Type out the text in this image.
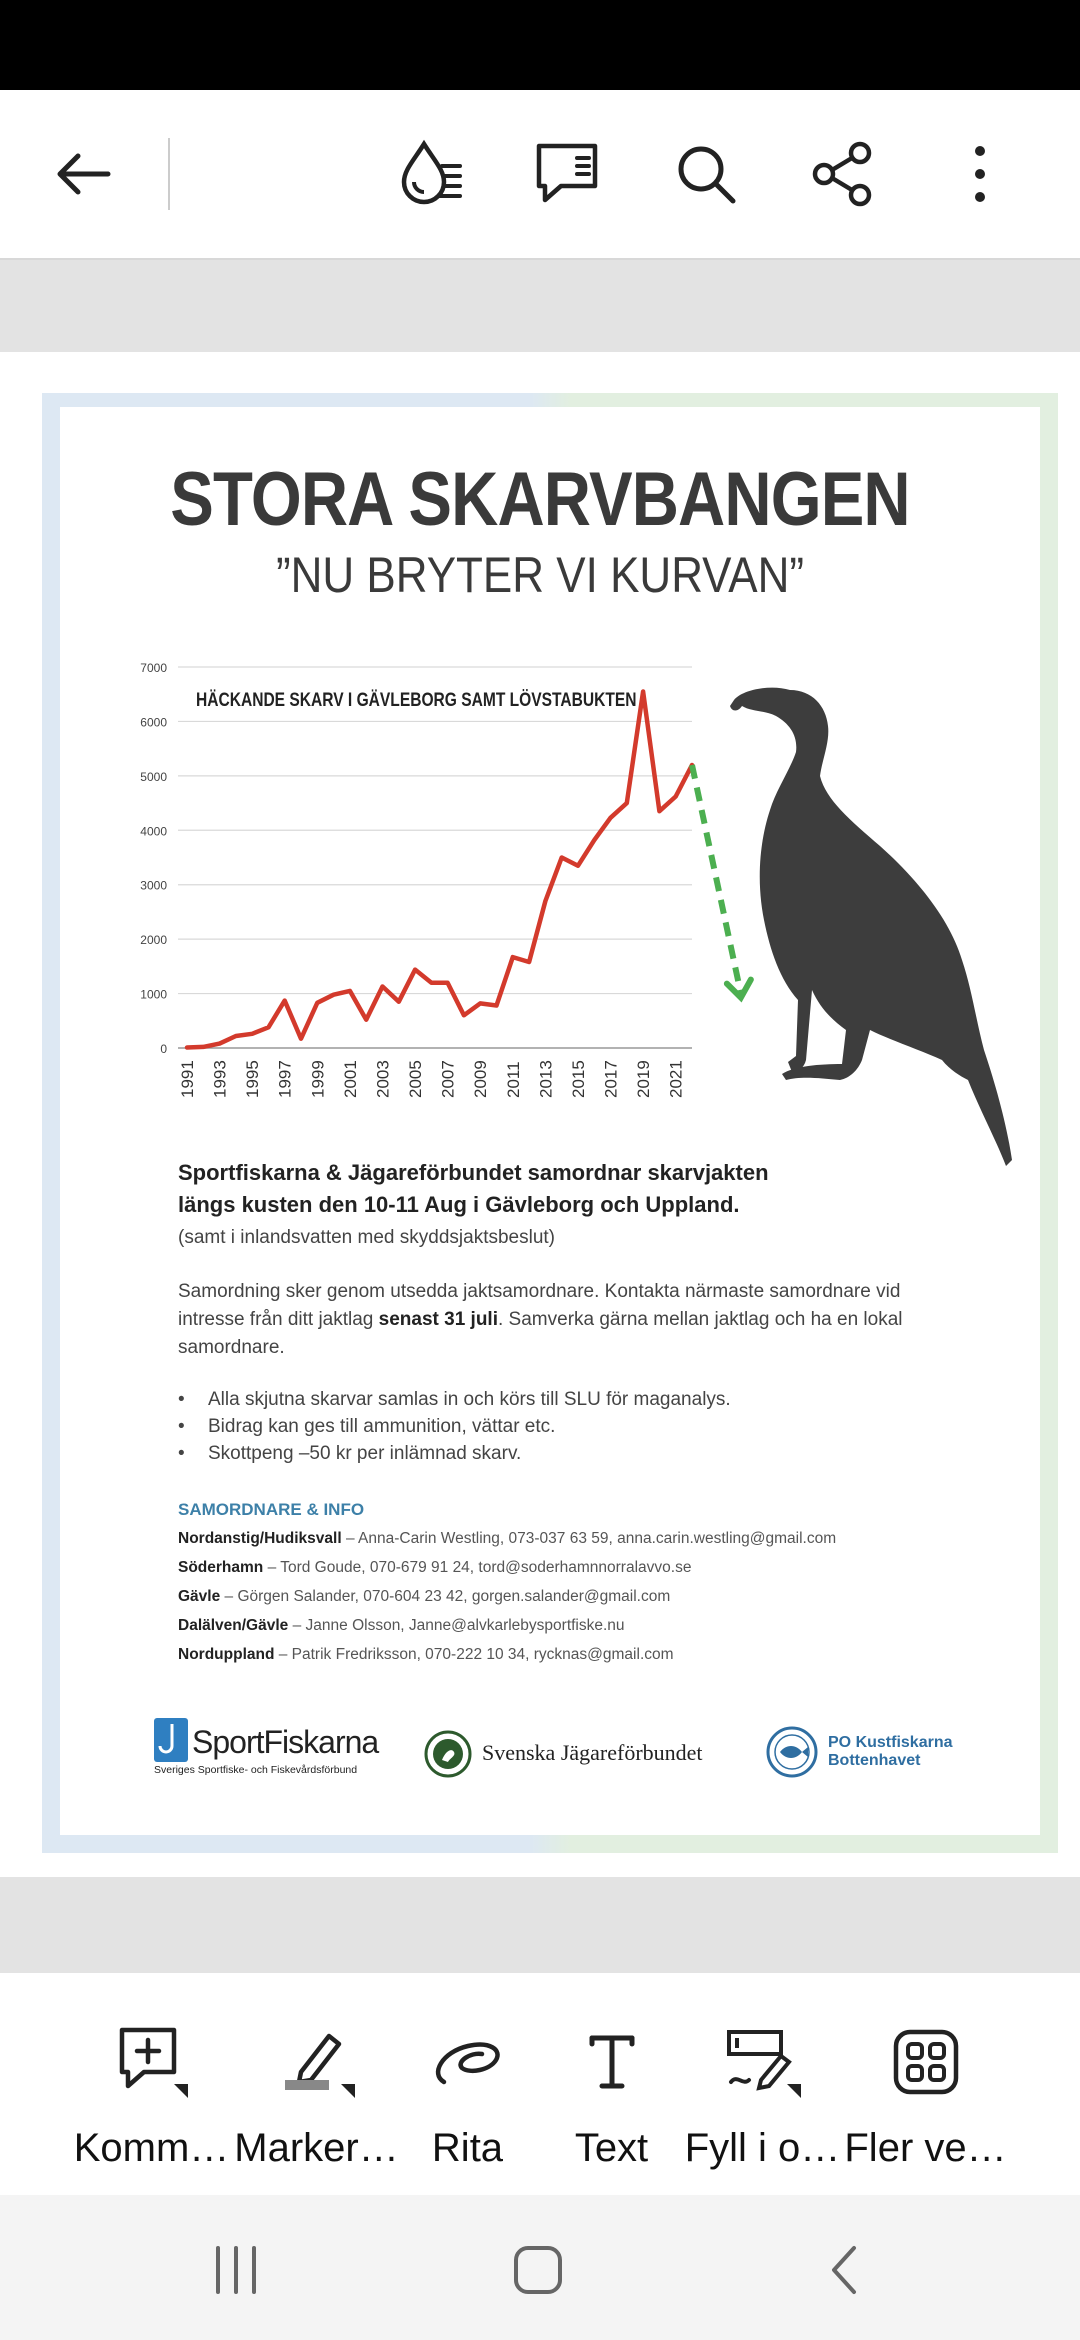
STORA SKARVBANGEN
”NU BRYTER VI KURVAN”
0
1000
2000
3000
4000
5000
6000
7000
1991 1993 1995 1997 1999 2001 2003 2005 2007 2009 2011 2013 2015 2017 2019 2021
HÄCKANDE SKARV I GÄVLEBORG SAMT LÖVSTABUKTEN
Sportfiskarna & Jägareförbundet samordnar skarvjakten
längs kusten den 10-11 Aug i Gävleborg och Uppland.
(samt i inlandsvatten med skyddsjaktsbeslut)
Samordning sker genom utsedda jaktsamordnare. Kontakta närmaste samordnare vid
intresse från ditt jaktlag senast 31 juli. Samverka gärna mellan jaktlag och ha en lokal
samordnare.
• Alla skjutna skarvar samlas in och körs till SLU för maganalys.
• Bidrag kan ges till ammunition, vättar etc.
• Skottpeng –50 kr per inlämnad skarv.
SAMORDNARE & INFO
Nordanstig/Hudiksvall – Anna-Carin Westling, 073-037 63 59, anna.carin.westling@gmail.com
Söderhamn – Tord Goude, 070-679 91 24, tord@soderhamnnorralavvo.se
Gävle – Görgen Salander, 070-604 23 42, gorgen.salander@gmail.com
Dalälven/Gävle – Janne Olsson, Janne@alvkarlebysportfiske.nu
Norduppland – Patrik Fredriksson, 070-222 10 34, rycknas@gmail.com
SportFiskarna
Sveriges Sportfiske- och Fiskevårdsförbund
Svenska Jägareförbundet	PO Kustfiskarna
Bottenhavet
Komm… Marker… Rita Text Fyll i o… Fler ve…
